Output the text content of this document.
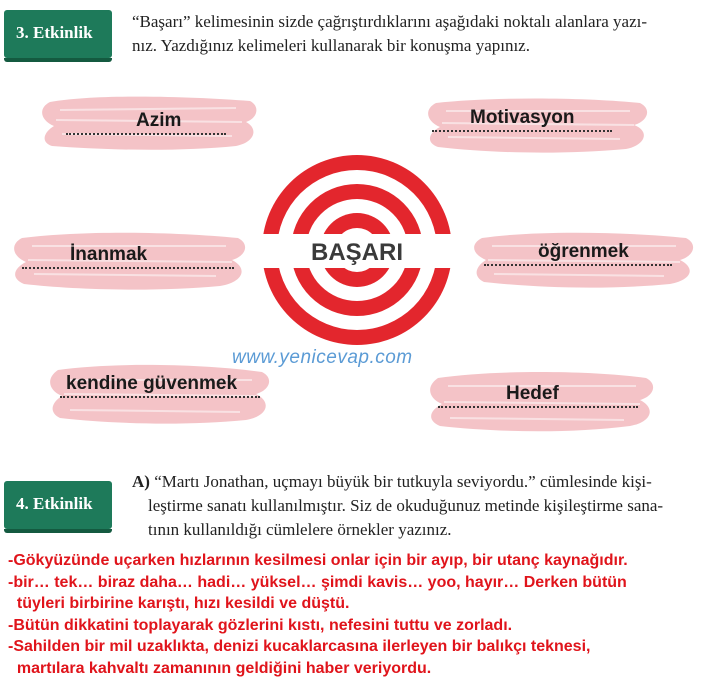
3. Etkinlik

“Başarı” kelimesinin sizde çağrıştırdıklarını aşağıdaki noktalı alanlara yazı-
nız. Yazdığınız kelimeleri kullanarak bir konuşma yapınız.

BAŞARI
Azim	Motivasyon
İnanmak	öğrenmek
kendine güvenmek	Hedef
www.yenicevap.com
4. Etkinlik

A) “Martı Jonathan, uçmayı büyük bir tutkuyla seviyordu.” cümlesinde kişi-
leştirme sanatı kullanılmıştır. Siz de okuduğunuz metinde kişileştirme sana-
tının kullanıldığı cümlelere örnekler yazınız.

-Gökyüzünde uçarken hızlarının kesilmesi onlar için bir ayıp, bir utanç kaynağıdır.
-bir… tek… biraz daha… hadi… yüksel… şimdi kavis… yoo, hayır… Derken bütün
tüyleri birbirine karıştı, hızı kesildi ve düştü.
-Bütün dikkatini toplayarak gözlerini kıstı, nefesini tuttu ve zorladı.
-Sahilden bir mil uzaklıkta, denizi kucaklarcasına ilerleyen bir balıkçı teknesi,
martılara kahvaltı zamanının geldiğini haber veriyordu.
